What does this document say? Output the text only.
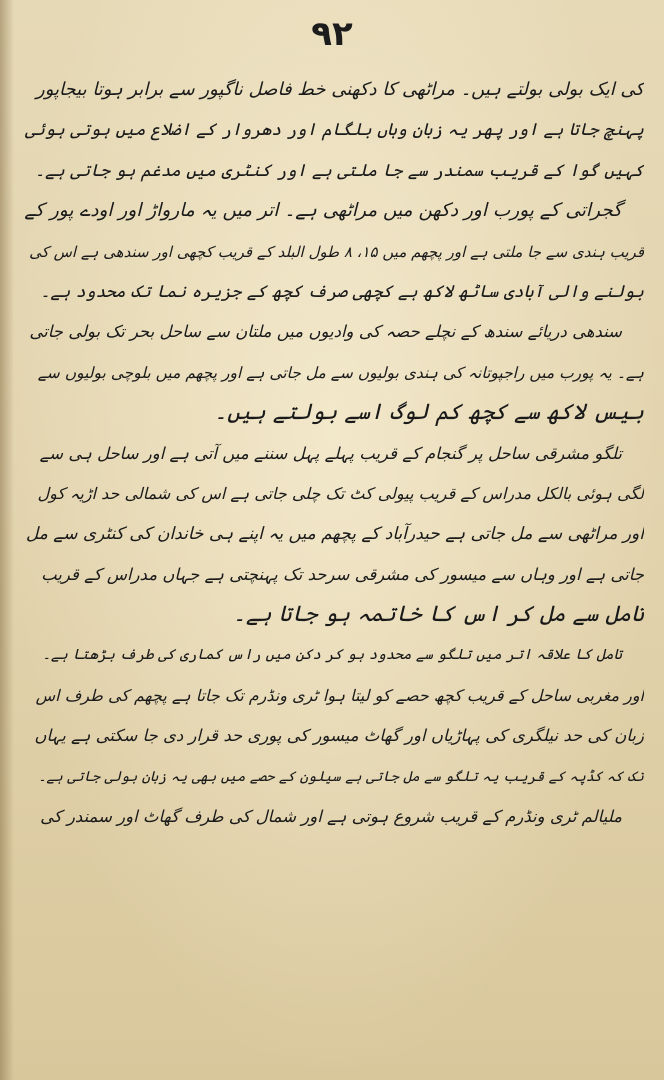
۹۲
کی ایک بولی بولتے ہیں۔ مراٹھی کا دکھنی خط فاصل ناگپور سے برابر ہوتا بیجاپور
پہنچ جاتا ہے اور پھر یہ زبان وہاں بلگام اور دھروار کے اضلاع میں ہوتی ہوئی
کہیں گوا کے قریب سمندر سے جا ملتی ہے اور کنٹری میں مدغم ہو جاتی ہے۔
گجراتی کے پورب اور دکھن میں مراٹھی ہے۔ اتر میں یہ مارواڑ اور اودے پور کے
قریب ہندی سے جا ملتی ہے اور پچھم میں ۱۵، ۸ طول البلد کے قریب کچھی اور سندھی ہے اس کی
بولنے والی آبادی ساٹھ لاکھ ہے کچھی صرف کچھ کے جزیرہ نما تک محدود ہے۔
سندھی دریائے سندھ کے نچلے حصہ کی وادیوں میں ملتان سے ساحل بحر تک بولی جاتی
ہے۔ یہ پورب میں راجپوتانہ کی ہندی بولیوں سے مل جاتی ہے اور پچھم میں بلوچی بولیوں سے
بیس لاکھ سے کچھ کم لوگ اسے بولتے ہیں۔
تلگو مشرقی ساحل پر گنجام کے قریب پہلے پہل سننے میں آتی ہے اور ساحل ہی سے
لگی ہوئی بالکل مدراس کے قریب پیولی کٹ تک چلی جاتی ہے اس کی شمالی حد اڑیہ کول
اور مراٹھی سے مل جاتی ہے حیدرآباد کے پچھم میں یہ اپنے ہی خاندان کی کنٹری سے مل
جاتی ہے اور وہاں سے میسور کی مشرقی سرحد تک پہنچتی ہے جہاں مدراس کے قریب
تامل سے مل کر اس کا خاتمہ ہو جاتا ہے۔
تامل کا علاقہ اتر میں تلگو سے محدود ہو کر دکن میں راس کماری کی طرف بڑھتا ہے۔
اور مغربی ساحل کے قریب کچھ حصے کو لیتا ہوا ٹری ونڈرم تک جاتا ہے پچھم کی طرف اس
زبان کی حد نیلگری کی پہاڑیاں اور گھاٹ میسور کی پوری حد قرار دی جا سکتی ہے یہاں
تک کہ کڈپہ کے قریب یہ تلگو سے مل جاتی ہے سیلون کے حصے میں بھی یہ زبان بولی جاتی ہے۔
ملیالم ٹری ونڈرم کے قریب شروع ہوتی ہے اور شمال کی طرف گھاٹ اور سمندر کی
